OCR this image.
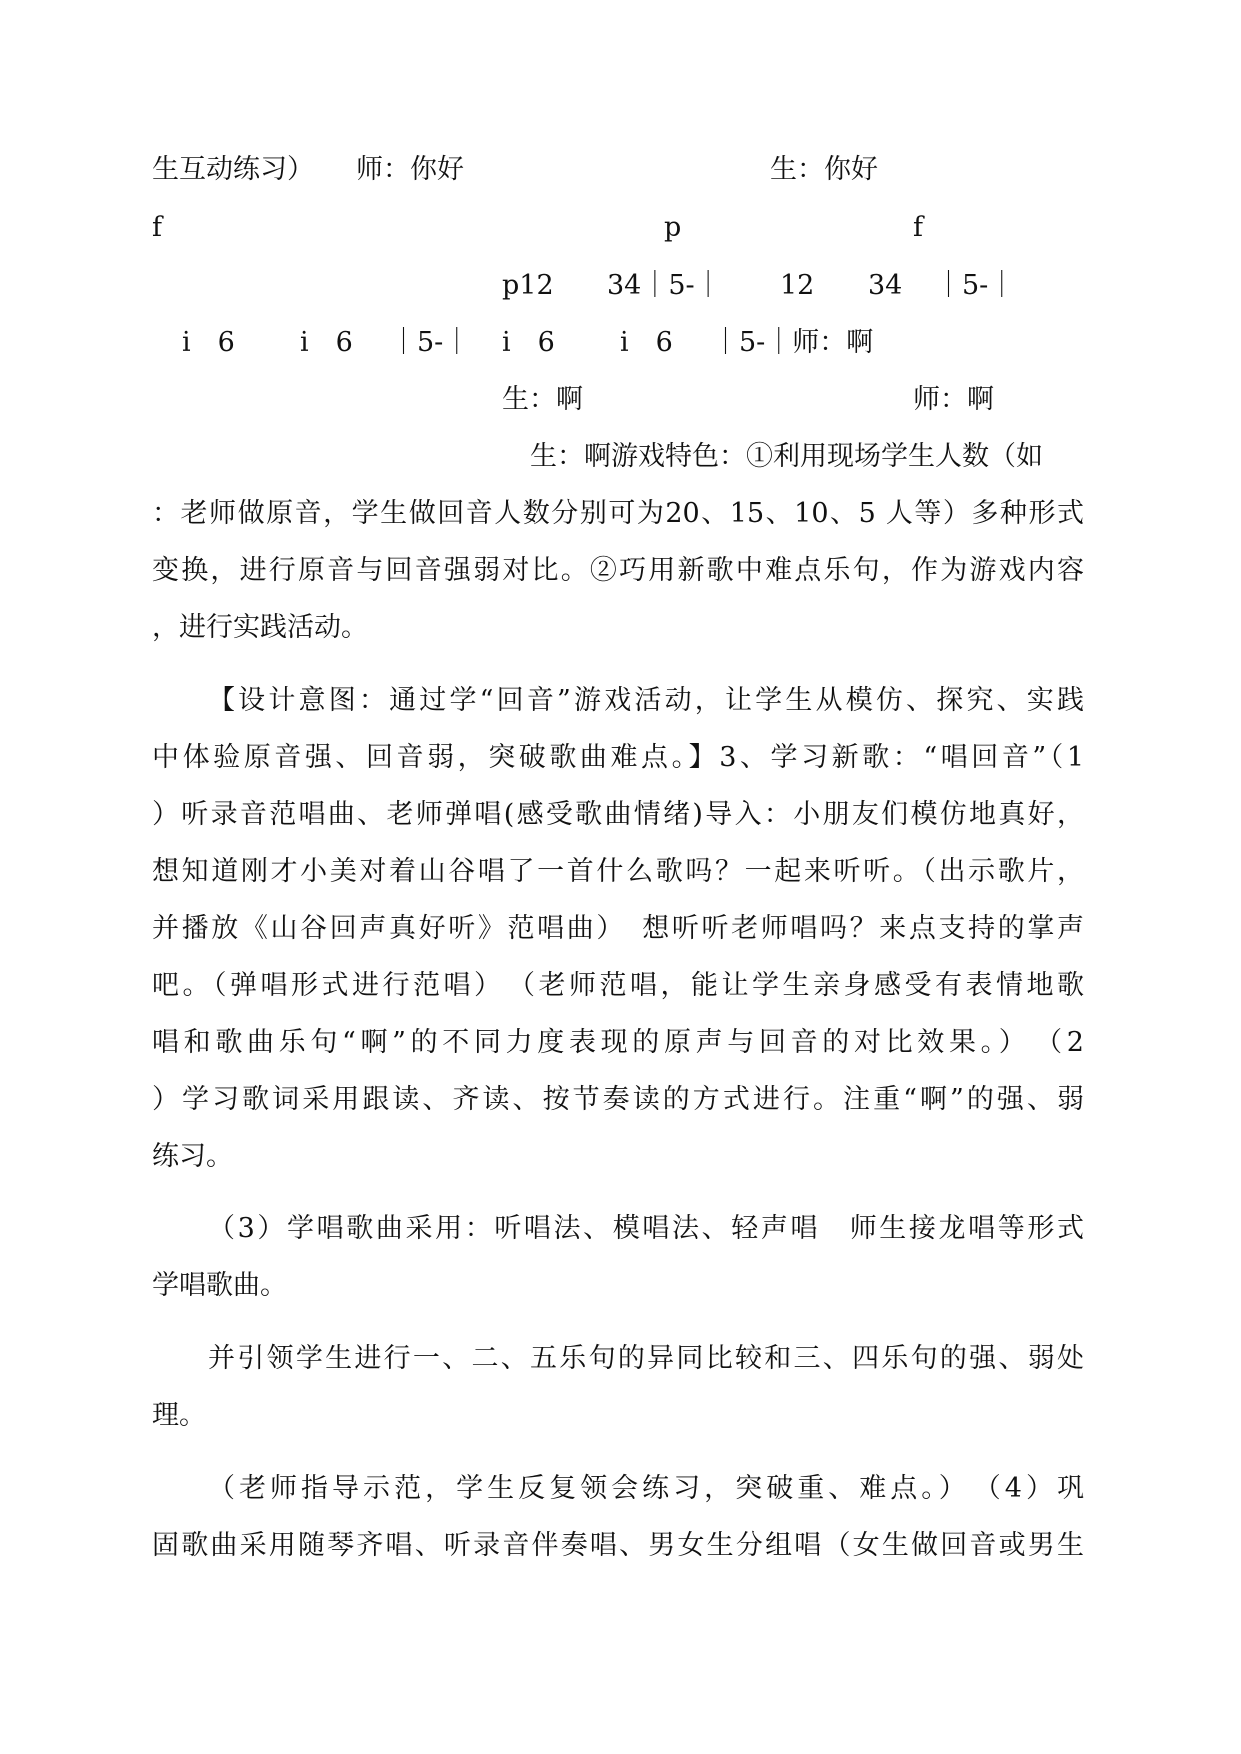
生互动练习） 师：你好	生：你好
f	p	f
p12 34｜5-｜ 12 34 ｜5-｜
i　6 i　6 ｜5-｜ i　6 i　6 ｜5-｜师：啊
生：啊	师：啊
生：啊游戏特色：①利用现场学生人数（如
：老师做原音，学生做回音人数分别可为20、15、10、5 人等）多种形式
变换，进行原音与回音强弱对比。②巧用新歌中难点乐句，作为游戏内容
，进行实践活动。
【设计意图：通过学“回音”游戏活动，让学生从模仿、探究、实践
中体验原音强、回音弱，突破歌曲难点。】3、学习新歌：“唱回音”（1
）听录音范唱曲、老师弹唱(感受歌曲情绪)导入：小朋友们模仿地真好，
想知道刚才小美对着山谷唱了一首什么歌吗？一起来听听。（出示歌片，
并播放《山谷回声真好听》范唱曲）　想听听老师唱吗？来点支持的掌声
吧。（弹唱形式进行范唱）　（老师范唱，能让学生亲身感受有表情地歌
唱和歌曲乐句“啊”的不同力度表现的原声与回音的对比效果。）　（2
）学习歌词采用跟读、齐读、按节奏读的方式进行。注重“啊”的强、弱
练习。
（3）学唱歌曲采用：听唱法、模唱法、轻声唱　师生接龙唱等形式
学唱歌曲。
并引领学生进行一、二、五乐句的异同比较和三、四乐句的强、弱处
理。
（老师指导示范，学生反复领会练习，突破重、难点。）　（4）巩
固歌曲采用随琴齐唱、听录音伴奏唱、男女生分组唱（女生做回音或男生
